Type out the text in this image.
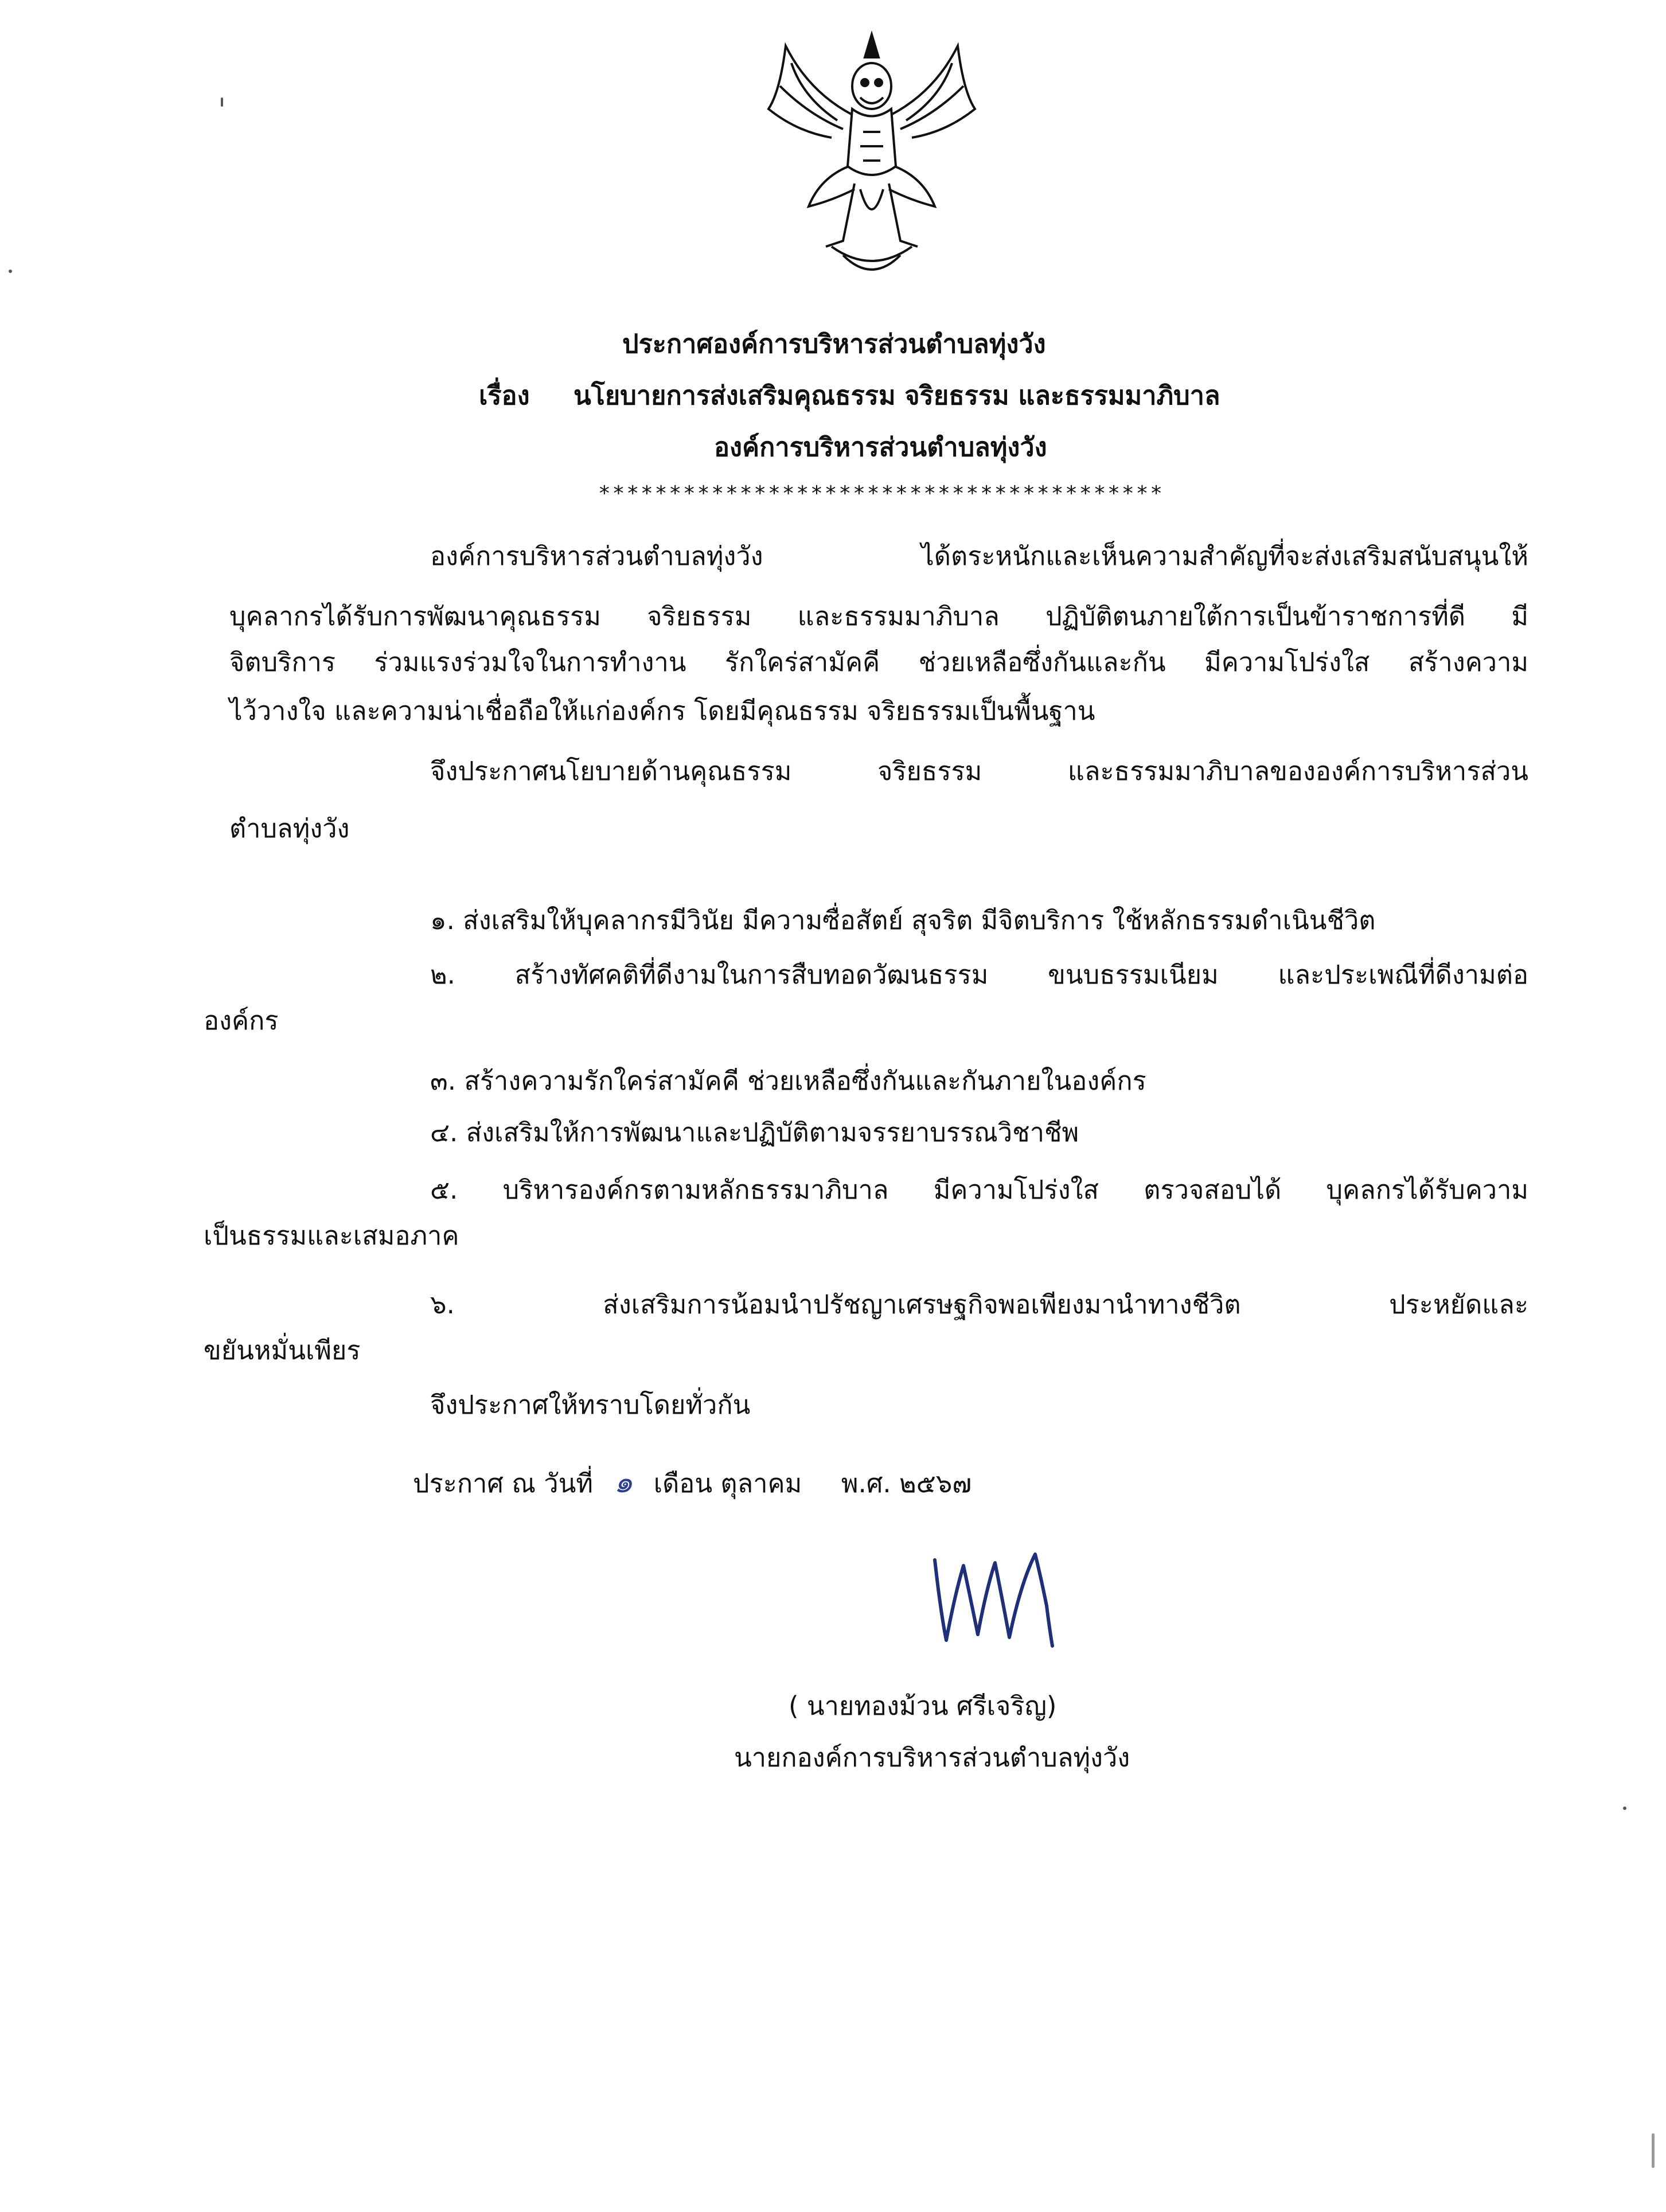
ประกาศองค์การบริหารส่วนตำบลทุ่งวัง
เรื่อง นโยบายการส่งเสริมคุณธรรม จริยธรรม และธรรมมาภิบาล
องค์การบริหารส่วนตำบลทุ่งวัง
****************************************
องค์การบริหารส่วนตำบลทุ่งวัง ได้ตระหนักและเห็นความสำคัญที่จะส่งเสริมสนับสนุนให้
บุคลากรได้รับการพัฒนาคุณธรรม จริยธรรม และธรรมมาภิบาล ปฏิบัติตนภายใต้การเป็นข้าราชการที่ดี มี
จิตบริการ ร่วมแรงร่วมใจในการทำงาน รักใคร่สามัคคี ช่วยเหลือซึ่งกันและกัน มีความโปร่งใส สร้างความ
ไว้วางใจ และความน่าเชื่อถือให้แก่องค์กร โดยมีคุณธรรม จริยธรรมเป็นพื้นฐาน
จึงประกาศนโยบายด้านคุณธรรม จริยธรรม และธรรมมาภิบาลขององค์การบริหารส่วน
ตำบลทุ่งวัง
๑. ส่งเสริมให้บุคลากรมีวินัย มีความซื่อสัตย์ สุจริต มีจิตบริการ ใช้หลักธรรมดำเนินชีวิต
๒. สร้างทัศคติที่ดีงามในการสืบทอดวัฒนธรรม ขนบธรรมเนียม และประเพณีที่ดีงามต่อ
องค์กร
๓. สร้างความรักใคร่สามัคคี ช่วยเหลือซึ่งกันและกันภายในองค์กร
๔. ส่งเสริมให้การพัฒนาและปฏิบัติตามจรรยาบรรณวิชาชีพ
๕. บริหารองค์กรตามหลักธรรมาภิบาล มีความโปร่งใส ตรวจสอบได้ บุคลกรได้รับความ
เป็นธรรมและเสมอภาค
๖. ส่งเสริมการน้อมนำปรัชญาเศรษฐกิจพอเพียงมานำทางชีวิต ประหยัดและ
ขยันหมั่นเพียร
จึงประกาศให้ทราบโดยทั่วกัน
ประกาศ ณ วันที่ ๑ เดือน ตุลาคม พ.ศ. ๒๕๖๗
( นายทองม้วน ศรีเจริญ)
นายกองค์การบริหารส่วนตำบลทุ่งวัง
